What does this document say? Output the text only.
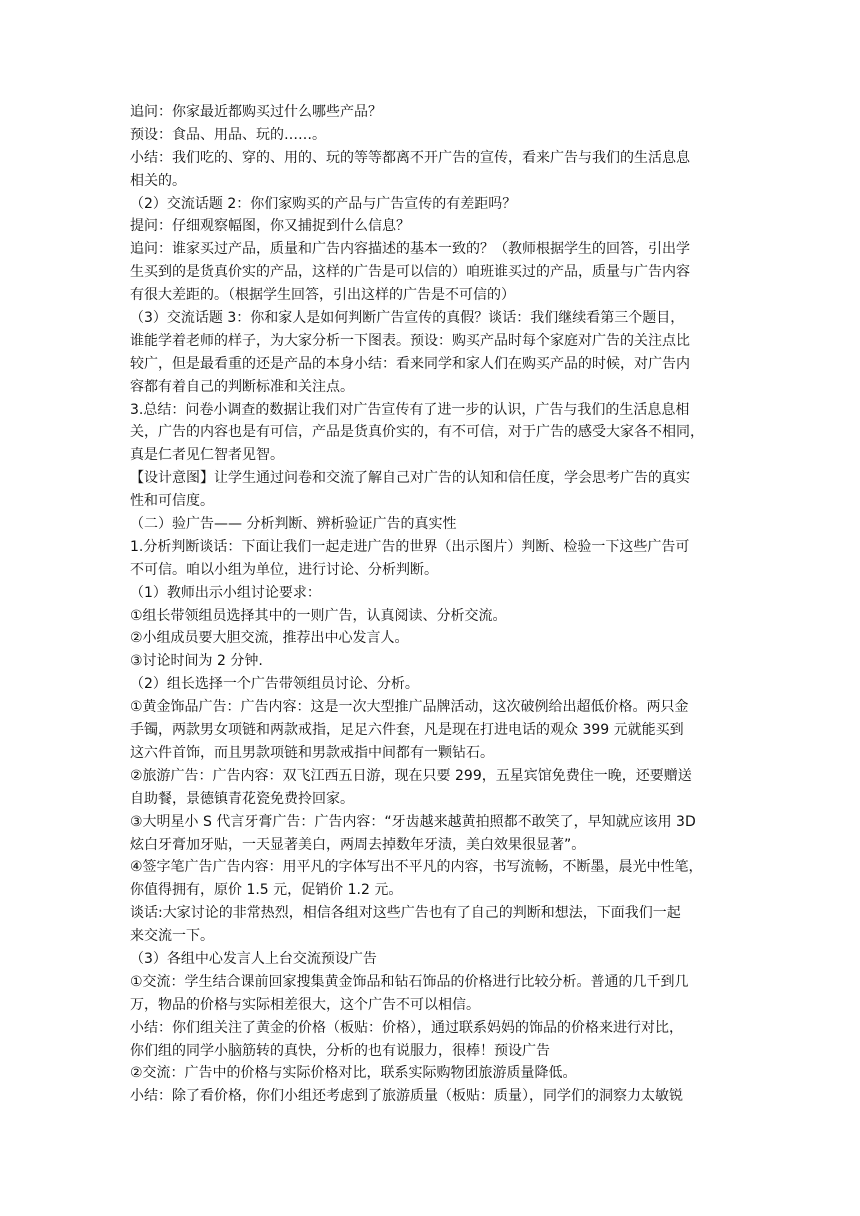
追问：你家最近都购买过什么哪些产品？
预设：食品、用品、玩的……。
小结：我们吃的、穿的、用的、玩的等等都离不开广告的宣传，看来广告与我们的生活息息
相关的。
（2）交流话题 2：你们家购买的产品与广告宣传的有差距吗？
提问：仔细观察幅图，你又捕捉到什么信息？
追问：谁家买过产品，质量和广告内容描述的基本一致的？（教师根据学生的回答，引出学
生买到的是货真价实的产品，这样的广告是可以信的）咱班谁买过的产品，质量与广告内容
有很大差距的。（根据学生回答，引出这样的广告是不可信的）
（3）交流话题 3：你和家人是如何判断广告宣传的真假？谈话：我们继续看第三个题目，
谁能学着老师的样子，为大家分析一下图表。预设：购买产品时每个家庭对广告的关注点比
较广，但是最看重的还是产品的本身小结：看来同学和家人们在购买产品的时候，对广告内
容都有着自己的判断标准和关注点。
3.总结：问卷小调查的数据让我们对广告宣传有了进一步的认识，广告与我们的生活息息相
关，广告的内容也是有可信，产品是货真价实的，有不可信，对于广告的感受大家各不相同，
真是仁者见仁智者见智。
【设计意图】让学生通过问卷和交流了解自己对广告的认知和信任度，学会思考广告的真实
性和可信度。
（二）验广告—— 分析判断、辨析验证广告的真实性
1.分析判断谈话：下面让我们一起走进广告的世界（出示图片）判断、检验一下这些广告可
不可信。咱以小组为单位，进行讨论、分析判断。
（1）教师出示小组讨论要求：
①组长带领组员选择其中的一则广告，认真阅读、分析交流。
②小组成员要大胆交流，推荐出中心发言人。
③讨论时间为 2 分钟.
（2）组长选择一个广告带领组员讨论、分析。
①黄金饰品广告：广告内容：这是一次大型推广品牌活动，这次破例给出超低价格。两只金
手镯，两款男女项链和两款戒指，足足六件套，凡是现在打进电话的观众 399 元就能买到
这六件首饰，而且男款项链和男款戒指中间都有一颗钻石。
②旅游广告：广告内容：双飞江西五日游，现在只要 299，五星宾馆免费住一晚，还要赠送
自助餐，景德镇青花瓷免费拎回家。
③大明星小 S 代言牙膏广告：广告内容：“牙齿越来越黄拍照都不敢笑了，早知就应该用 3D
炫白牙膏加牙贴，一天显著美白，两周去掉数年牙渍，美白效果很显著”。
④签字笔广告广告内容：用平凡的字体写出不平凡的内容，书写流畅，不断墨，晨光中性笔，
你值得拥有，原价 1.5 元，促销价 1.2 元。
谈话:大家讨论的非常热烈，相信各组对这些广告也有了自己的判断和想法，下面我们一起
来交流一下。
（3）各组中心发言人上台交流预设广告
①交流：学生结合课前回家搜集黄金饰品和钻石饰品的价格进行比较分析。普通的几千到几
万，物品的价格与实际相差很大，这个广告不可以相信。
小结：你们组关注了黄金的价格（板贴：价格），通过联系妈妈的饰品的价格来进行对比，
你们组的同学小脑筋转的真快，分析的也有说服力，很棒！预设广告
②交流：广告中的价格与实际价格对比，联系实际购物团旅游质量降低。
小结：除了看价格，你们小组还考虑到了旅游质量（板贴：质量），同学们的洞察力太敏锐
